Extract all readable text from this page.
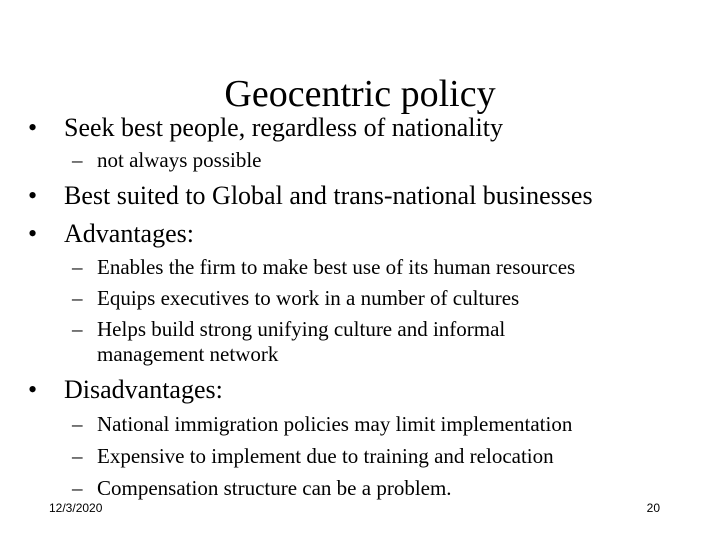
Geocentric policy
• Seek best people, regardless of nationality
– not always possible
• Best suited to Global and trans-national businesses
• Advantages:
– Enables the firm to make best use of its human resources
– Equips executives to work in a number of cultures
– Helps build strong unifying culture and informal management network
• Disadvantages:
– National immigration policies may limit implementation
– Expensive to implement due to training and relocation
– Compensation structure can be a problem.
12/3/2020	20
